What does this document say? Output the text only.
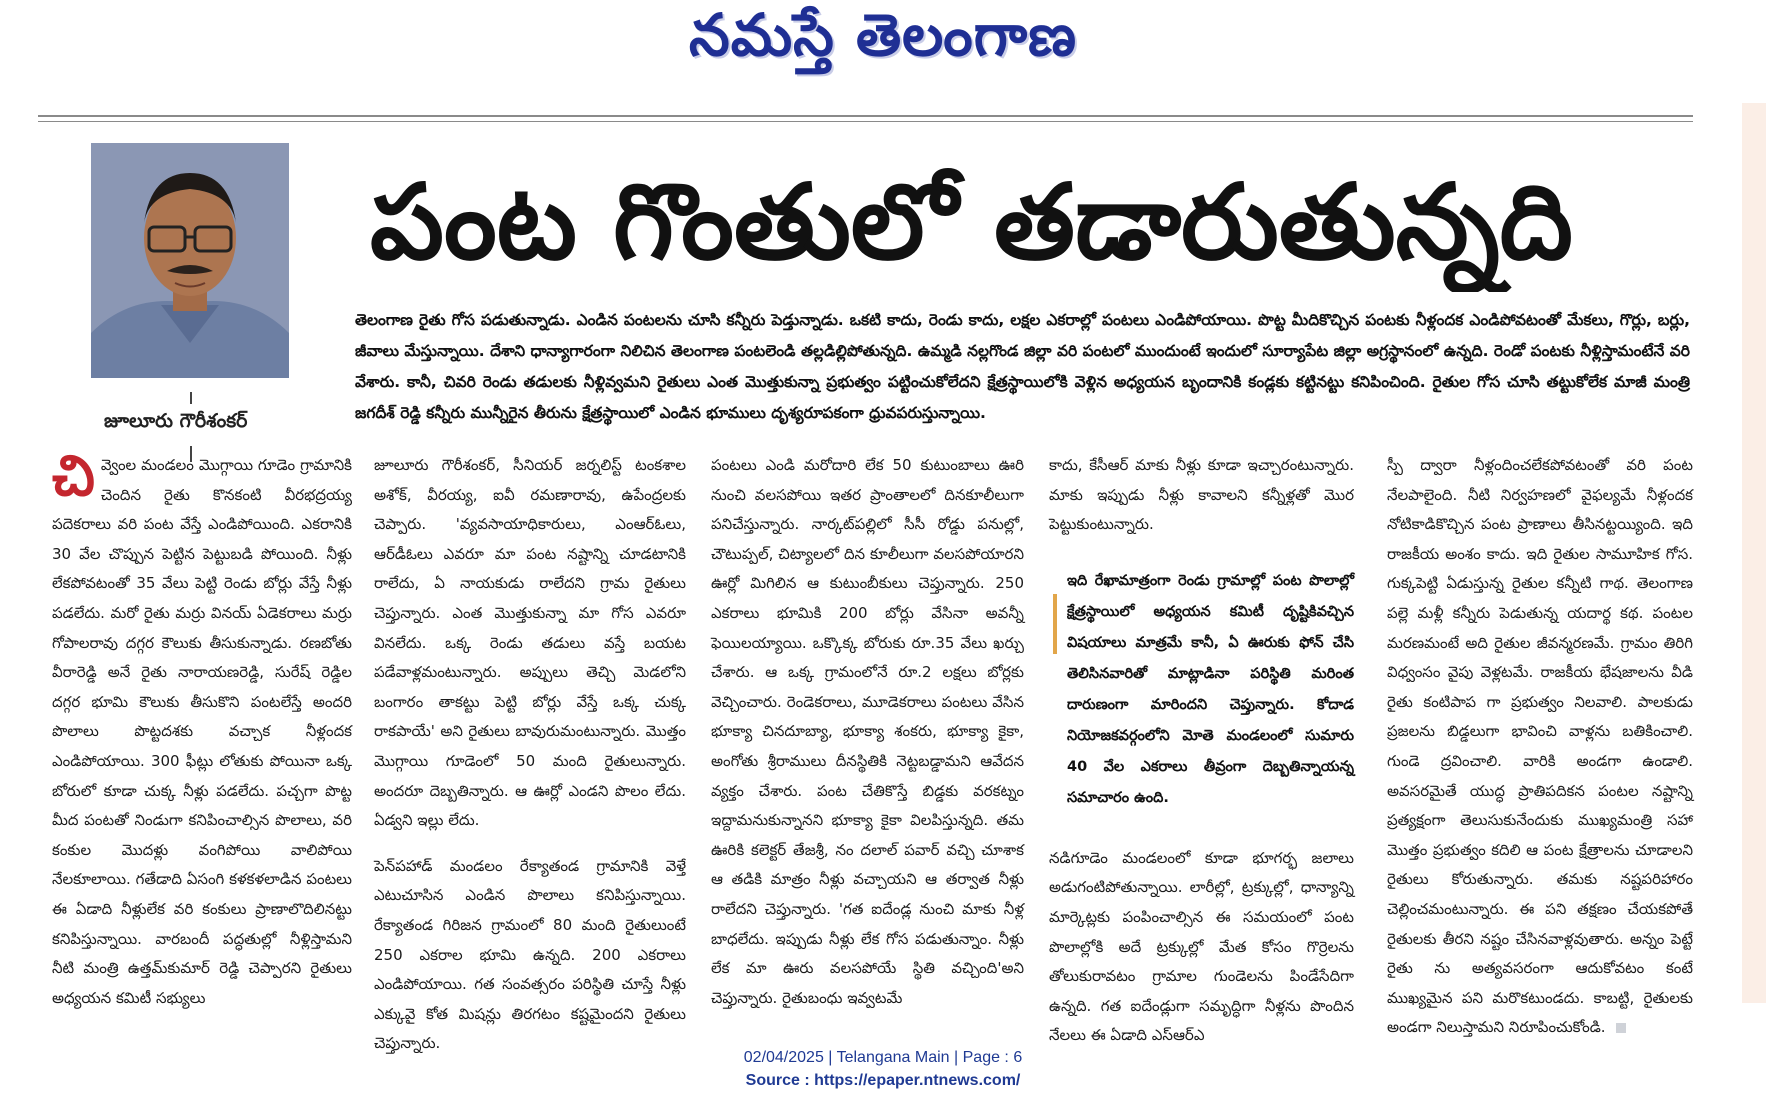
నమస్తే తెలంగాణ
జూలూరు గౌరీశంకర్
పంట గొంతులో తడారుతున్నది
తెలంగాణ రైతు గోస పడుతున్నాడు. ఎండిన పంటలను చూసి కన్నీరు పెడ్తున్నాడు. ఒకటి కాదు, రెండు కాదు, లక్షల ఎకరాల్లో పంటలు ఎండిపోయాయి. పొట్ట మీదికొచ్చిన పంటకు నీళ్లందక ఎండిపోవటంతో మేకలు, గొర్లు, బర్లు, జీవాలు మేస్తున్నాయి. దేశాని ధాన్యాగారంగా నిలిచిన తెలంగాణ పంటలెండి తల్లడిల్లిపోతున్నది. ఉమ్మడి నల్లగొండ జిల్లా వరి పంటలో ముందుంటే ఇందులో సూర్యాపేట జిల్లా అగ్రస్థానంలో ఉన్నది. రెండో పంటకు నీళ్లిస్తామంటేనే వరి వేశారు. కానీ, చివరి రెండు తడులకు నీళ్లివ్వమని రైతులు ఎంత మొత్తుకున్నా ప్రభుత్వం పట్టించుకోలేదని క్షేత్రస్థాయిలోకి వెళ్లిన అధ్యయన బృందానికి కండ్లకు కట్టినట్టు కనిపించింది. రైతుల గోస చూసి తట్టుకోలేక మాజీ మంత్రి జగదీశ్ రెడ్డి కన్నీరు మున్నీరైన తీరును క్షేత్రస్థాయిలో ఎండిన భూములు దృశ్యరూపకంగా ధ్రువపరుస్తున్నాయి.

చివ్వెంల మండలం మొగ్గాయి గూడెం గ్రామానికి చెందిన రైతు కొనకంటి వీరభద్రయ్య పదెకరాలు వరి పంట వేస్తే ఎండిపోయింది. ఎకరానికి 30 వేల చొప్పున పెట్టిన పెట్టుబడి పోయింది. నీళ్లు లేకపోవటంతో 35 వేలు పెట్టి రెండు బోర్లు వేస్తే నీళ్లు పడలేదు. మరో రైతు మర్రు వినయ్ ఏడెకరాలు మర్రు గోపాలరావు దగ్గర కౌలుకు తీసుకున్నాడు. రణబోతు వీరారెడ్డి అనే రైతు నారాయణరెడ్డి, సురేష్ రెడ్డిల దగ్గర భూమి కౌలుకు తీసుకొని పంటలేస్తే అందరి పొలాలు పొట్టదశకు వచ్చాక నీళ్లందక ఎండిపోయాయి. 300 ఫీట్లు లోతుకు పోయినా ఒక్క బోరులో కూడా చుక్క నీళ్లు పడలేదు. పచ్చగా పొట్ట మీద పంటతో నిండుగా కనిపించాల్సిన పొలాలు, వరి కంకుల మొదళ్లు వంగిపోయి వాలిపోయి నేలకూలాయి. గతేడాది ఏసంగి కళకళలాడిన పంటలు ఈ ఏడాది నీళ్లులేక వరి కంకులు ప్రాణాలొదిలినట్టు కనిపిస్తున్నాయి. వారబందీ పద్ధతుల్లో నీళ్లిస్తామని నీటి మంత్రి ఉత్తమ్‌కుమార్ రెడ్డి చెప్పారని రైతులు అధ్యయన కమిటీ సభ్యులు

జూలూరు గౌరీశంకర్, సీనియర్ జర్నలిస్ట్ టంకశాల అశోక్, వీరయ్య, ఐవీ రమణారావు, ఉపేంద్రలకు చెప్పారు. 'వ్యవసాయాధికారులు, ఎంఆర్‌ఓలు, ఆర్‌డీఓలు ఎవరూ మా పంట నష్టాన్ని చూడటానికి రాలేదు, ఏ నాయకుడు రాలేదని గ్రామ రైతులు చెప్తున్నారు. ఎంత మొత్తుకున్నా మా గోస ఎవరూ వినలేదు. ఒక్క రెండు తడులు వస్తే బయట పడేవాళ్లమంటున్నారు. అప్పులు తెచ్చి మెడలోని బంగారం తాకట్టు పెట్టి బోర్లు వేస్తే ఒక్క చుక్క రాకపాయే' అని రైతులు బావురుమంటున్నారు. మొత్తం మొగ్గాయి గూడెంలో 50 మంది రైతులున్నారు. అందరూ దెబ్బతిన్నారు. ఆ ఊర్లో ఎండని పొలం లేదు. ఏడ్వని ఇల్లు లేదు.

పెన్‌పహాడ్ మండలం రేక్యాతండ గ్రామానికి వెళ్తే ఎటుచూసిన ఎండిన పొలాలు కనిపిస్తున్నాయి. రేక్యాతండ గిరిజన గ్రామంలో 80 మంది రైతులుంటే 250 ఎకరాల భూమి ఉన్నది. 200 ఎకరాలు ఎండిపోయాయి. గత సంవత్సరం పరిస్థితి చూస్తే నీళ్లు ఎక్కువై కోత మిషన్లు తిరగటం కష్టమైందని రైతులు చెప్తున్నారు.

పంటలు ఎండి మరోదారి లేక 50 కుటుంబాలు ఊరి నుంచి వలసపోయి ఇతర ప్రాంతాలలో దినకూలీలుగా పనిచేస్తున్నారు. నార్కట్‌పల్లిలో సీసీ రోడ్డు పనుల్లో, చౌటుప్పల్, చిట్యాలలో దిన కూలీలుగా వలసపోయారని ఊర్లో మిగిలిన ఆ కుటుంబీకులు చెప్తున్నారు. 250 ఎకరాలు భూమికి 200 బోర్లు వేసినా అవన్నీ ఫెయిలయ్యాయి. ఒక్కొక్క బోరుకు రూ.35 వేలు ఖర్చు చేశారు. ఆ ఒక్క గ్రామంలోనే రూ.2 లక్షలు బోర్లకు వెచ్చించారు. రెండెకరాలు, మూడెకరాలు పంటలు వేసిన భూక్యా చినదూబ్యా, భూక్యా శంకరు, భూక్యా కైకా, అంగోతు శ్రీరాములు దీనస్థితికి నెట్టబడ్డామని ఆవేదన వ్యక్తం చేశారు. పంట చేతికొస్తే బిడ్డకు వరకట్నం ఇద్దామనుకున్నానని భూక్యా కైకా విలపిస్తున్నది. తమ ఊరికి కలెక్టర్ తేజశ్రీ, నం దలాల్ పవార్ వచ్చి చూశాక ఆ తడికి మాత్రం నీళ్లు వచ్చాయని ఆ తర్వాత నీళ్లు రాలేదని చెప్తున్నారు. 'గత ఐదేండ్ల నుంచి మాకు నీళ్ల బాధలేదు. ఇప్పుడు నీళ్లు లేక గోస పడుతున్నాం. నీళ్లు లేక మా ఊరు వలసపోయే స్థితి వచ్చింది'అని చెప్తున్నారు. రైతుబంధు ఇవ్వటమే

కాదు, కేసీఆర్ మాకు నీళ్లు కూడా ఇచ్చారంటున్నారు. మాకు ఇప్పుడు నీళ్లు కావాలని కన్నీళ్లతో మొర పెట్టుకుంటున్నారు.

ఇది రేఖామాత్రంగా రెండు గ్రామాల్లో పంట పొలాల్లో క్షేత్రస్థాయిలో అధ్యయన కమిటీ దృష్టికివచ్చిన విషయాలు మాత్రమే కానీ, ఏ ఊరుకు ఫోన్ చేసి తెలిసినవారితో మాట్లాడినా పరిస్థితి మరింత దారుణంగా మారిందని చెప్తున్నారు. కోదాడ నియోజకవర్గంలోని మోతె మండలంలో సుమారు 40 వేల ఎకరాలు తీవ్రంగా దెబ్బతిన్నాయన్న సమాచారం ఉంది.

నడిగూడెం మండలంలో కూడా భూగర్భ జలాలు అడుగంటిపోతున్నాయి. లారీల్లో, ట్రక్కుల్లో, ధాన్యాన్ని మార్కెట్లకు పంపించాల్సిన ఈ సమయంలో పంట పొలాల్లోకి అదే ట్రక్కుల్లో మేత కోసం గొర్రెలను తోలుకురావటం గ్రామాల గుండెలను పిండేసేదిగా ఉన్నది. గత ఐదేండ్లుగా సమృద్ధిగా నీళ్లను పొందిన నేలలు ఈ ఏడాది ఎస్‌ఆర్‌ఎ

స్పీ ద్వారా నీళ్లందించలేకపోవటంతో వరి పంట నేలపాలైంది. నీటి నిర్వహణలో వైఫల్యమే నీళ్లందక నోటికాడికొచ్చిన పంట ప్రాణాలు తీసినట్టయ్యింది. ఇది రాజకీయ అంశం కాదు. ఇది రైతుల సామూహిక గోస. గుక్కపెట్టి ఏడుస్తున్న రైతుల కన్నీటి గాథ. తెలంగాణ పల్లె మళ్లీ కన్నీరు పెడుతున్న యదార్థ కథ. పంటల మరణమంటే అది రైతుల జీవన్మరణమే. గ్రామం తిరిగి విధ్వంసం వైపు వెళ్లటమే. రాజకీయ భేషజాలను వీడి రైతు కంటిపాప గా ప్రభుత్వం నిలవాలి. పాలకుడు ప్రజలను బిడ్డలుగా భావించి వాళ్లను బతికించాలి. గుండె ద్రవించాలి. వారికి అండగా ఉండాలి. అవసరమైతే యుద్ధ ప్రాతిపదికన పంటల నష్టాన్ని ప్రత్యక్షంగా తెలుసుకునేందుకు ముఖ్యమంత్రి సహా మొత్తం ప్రభుత్వం కదిలి ఆ పంట క్షేత్రాలను చూడాలని రైతులు కోరుతున్నారు. తమకు నష్టపరిహారం చెల్లించమంటున్నారు. ఈ పని తక్షణం చేయకపోతే రైతులకు తీరని నష్టం చేసినవాళ్లవుతారు. అన్నం పెట్టే రైతు ను అత్యవసరంగా ఆదుకోవటం కంటే ముఖ్యమైన పని మరొకటుండదు. కాబట్టి, రైతులకు అండగా నిలుస్తామని నిరూపించుకోండి.

02/04/2025 | Telangana Main | Page : 6
Source : https://epaper.ntnews.com/
